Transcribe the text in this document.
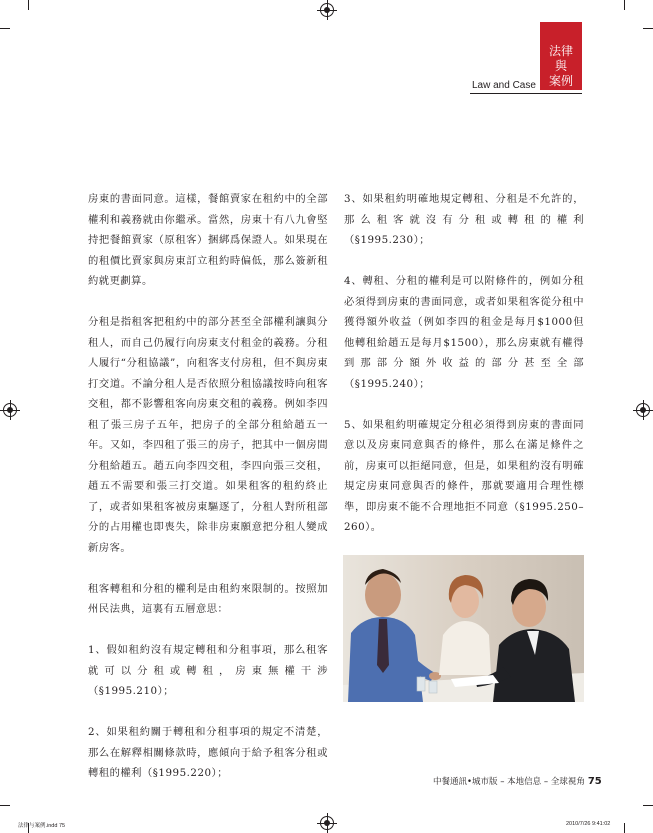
Law and Case
法律
與
案例

房東的書面同意。這樣，餐館賣家在租約中的全部權利和義務就由你繼承。當然，房東十有八九會堅持把餐館賣家（原租客）捆綁爲保證人。如果現在的租價比賣家與房東訂立租約時偏低，那么簽新租約就更劃算。

分租是指租客把租約中的部分甚至全部權利讓與分租人，而自己仍履行向房東支付租金的義務。分租人履行“分租協議”，向租客支付房租，但不與房東打交道。不論分租人是否依照分租協議按時向租客交租，都不影響租客向房東交租的義務。例如李四租了張三房子五年，把房子的全部分租給趙五一年。又如，李四租了張三的房子，把其中一個房間分租給趙五。趙五向李四交租，李四向張三交租，趙五不需要和張三打交道。如果租客的租約終止了，或者如果租客被房東驅逐了，分租人對所租部分的占用權也即喪失，除非房東願意把分租人變成新房客。

租客轉租和分租的權利是由租約來限制的。按照加州民法典，這裏有五層意思：

1、假如租約沒有規定轉租和分租事項，那么租客就可以分租或轉租，房東無權干涉（§1995.210）；

2、如果租約關于轉租和分租事項的規定不清楚，那么在解釋相關條款時，應傾向于給予租客分租或轉租的權利（§1995.220）；

3、如果租約明確地規定轉租、分租是不允許的，那么租客就沒有分租或轉租的權利（§1995.230）；

4、轉租、分租的權利是可以附條件的，例如分租必須得到房東的書面同意，或者如果租客從分租中獲得額外收益（例如李四的租金是每月$1000但他轉租給趙五是每月$1500），那么房東就有權得到那部分額外收益的部分甚至全部（§1995.240）；

5、如果租約明確規定分租必須得到房東的書面同意以及房東同意與否的條件，那么在滿足條件之前，房東可以拒絕同意，但是，如果租約沒有明確規定房東同意與否的條件，那就要適用合理性標準，即房東不能不合理地拒不同意（§1995.250–260）。

中餐通訊•城市版 – 本地信息 – 全球視角 75
法律与案例.indd 75	2010/7/26 9:41:02
